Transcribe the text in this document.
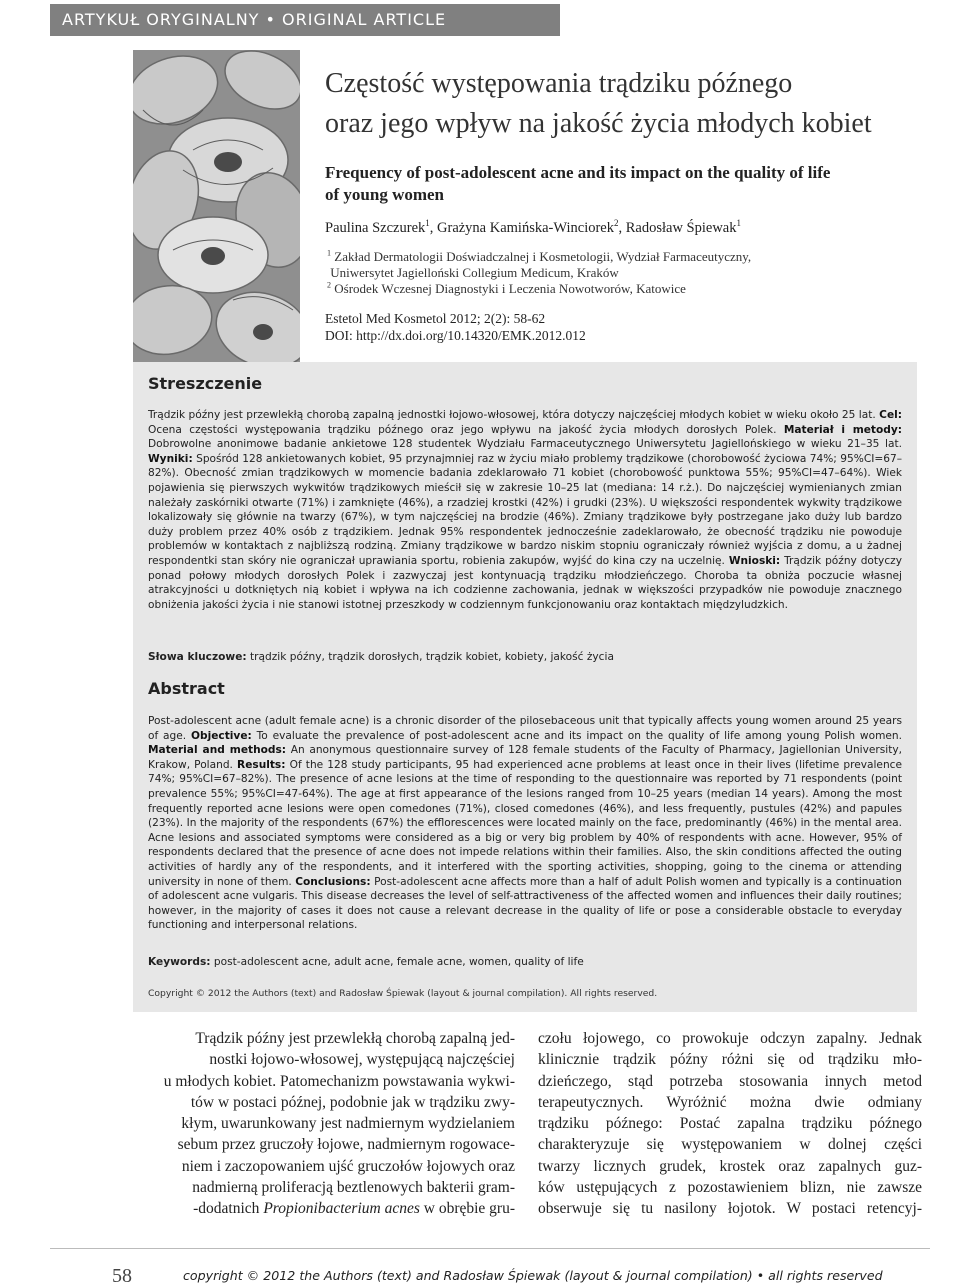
ARTYKUŁ ORYGINALNY • ORIGINAL ARTICLE
Częstość występowania trądziku późnego
oraz jego wpływ na jakość życia młodych kobiet
Frequency of post-adolescent acne and its impact on the quality of life of young women
Paulina Szczurek$^1$, Grażyna Kamińska-Winciorek$^2$, Radosław Śpiewak$^1$
$^1$ Zakład Dermatologii Doświadczalnej i Kosmetologii, Wydział Farmaceutyczny,
Uniwersytet Jagielloński Collegium Medicum, Kraków
$^2$ Ośrodek Wczesnej Diagnostyki i Leczenia Nowotworów, Katowice
Estetol Med Kosmetol 2012; 2(2): 58-62
DOI: http://dx.doi.org/10.14320/EMK.2012.012
Streszczenie
Trądzik późny jest przewlekłą chorobą zapalną jednostki łojowo-włosowej, która dotyczy najczęściej młodych kobiet w wieku około 25 lat. Cel: Ocena częstości występowania trądziku późnego oraz jego wpływu na jakość życia młodych dorosłych Polek. Materiał i metody: Dobrowolne anonimowe badanie ankietowe 128 studentek Wydziału Farmaceutycznego Uniwersytetu Jagiellońskiego w wieku 21–35 lat. Wyniki: Spośród 128 ankietowanych kobiet, 95 przynajmniej raz w życiu miało problemy trądzikowe (chorobowość życiowa 74%; 95%CI=67–82%). Obecność zmian trądzikowych w momencie badania zdeklarowało 71 kobiet (chorobowość punktowa 55%; 95%CI=47–64%). Wiek pojawienia się pierwszych wykwitów trądzikowych mieścił się w zakresie 10–25 lat (mediana: 14 r.ż.). Do najczęściej wymienianych zmian należały zaskórniki otwarte (71%) i zamknięte (46%), a rzadziej krostki (42%) i grudki (23%). U większości respondentek wykwity trądzikowe lokalizowały się głównie na twarzy (67%), w tym najczęściej na brodzie (46%). Zmiany trądzikowe były postrzegane jako duży lub bardzo duży problem przez 40% osób z trądzikiem. Jednak 95% respondentek jednocześnie zadeklarowało, że obecność trądziku nie powoduje problemów w kontaktach z najbliższą rodziną. Zmiany trądzikowe w bardzo niskim stopniu ograniczały również wyjścia z domu, a u żadnej respondentki stan skóry nie ograniczał uprawiania sportu, robienia zakupów, wyjść do kina czy na uczelnię. Wnioski: Trądzik późny dotyczy ponad połowy młodych dorosłych Polek i zazwyczaj jest kontynuacją trądziku młodzieńczego. Choroba ta obniża poczucie własnej atrakcyjności u dotkniętych nią kobiet i wpływa na ich codzienne zachowania, jednak w większości przypadków nie powoduje znacznego obniżenia jakości życia i nie stanowi istotnej przeszkody w codziennym funkcjonowaniu oraz kontaktach międzyludzkich.
Słowa kluczowe: trądzik późny, trądzik dorosłych, trądzik kobiet, kobiety, jakość życia
Abstract
Post-adolescent acne (adult female acne) is a chronic disorder of the pilosebaceous unit that typically affects young women around 25 years of age. Objective: To evaluate the prevalence of post-adolescent acne and its impact on the quality of life among young Polish women. Material and methods: An anonymous questionnaire survey of 128 female students of the Faculty of Pharmacy, Jagiellonian University, Krakow, Poland. Results: Of the 128 study participants, 95 had experienced acne problems at least once in their lives (lifetime prevalence 74%; 95%CI=67–82%). The presence of acne lesions at the time of responding to the questionnaire was reported by 71 respondents (point prevalence 55%; 95%CI=47-64%). The age at first appearance of the lesions ranged from 10–25 years (median 14 years). Among the most frequently reported acne lesions were open comedones (71%), closed comedones (46%), and less frequently, pustules (42%) and papules (23%). In the majority of the respondents (67%) the efflorescences were located mainly on the face, predominantly (46%) in the mental area. Acne lesions and associated symptoms were considered as a big or very big problem by 40% of respondents with acne. However, 95% of respondents declared that the presence of acne does not impede relations within their families. Also, the skin conditions affected the outing activities of hardly any of the respondents, and it interfered with the sporting activities, shopping, going to the cinema or attending university in none of them. Conclusions: Post-adolescent acne affects more than a half of adult Polish women and typically is a continuation of adolescent acne vulgaris. This disease decreases the level of self-attractiveness of the affected women and influences their daily routines; however, in the majority of cases it does not cause a relevant decrease in the quality of life or pose a considerable obstacle to everyday functioning and interpersonal relations.
Keywords: post-adolescent acne, adult acne, female acne, women, quality of life
Copyright © 2012 the Authors (text) and Radosław Śpiewak (layout & journal compilation). All rights reserved.
Trądzik późny jest przewlekłą chorobą zapalną jed-
nostki łojowo-włosowej, występującą najczęściej
u młodych kobiet. Patomechanizm powstawania wykwi-
tów w postaci późnej, podobnie jak w trądziku zwy-
kłym, uwarunkowany jest nadmiernym wydzielaniem
sebum przez gruczoły łojowe, nadmiernym rogowace-
niem i zaczopowaniem ujść gruczołów łojowych oraz
nadmierną proliferacją beztlenowych bakterii gram-
-dodatnich Propionibacterium acnes w obrębie gru-
czołu łojowego, co prowokuje odczyn zapalny. Jednak
klinicznie trądzik późny różni się od trądziku mło-
dzieńczego, stąd potrzeba stosowania innych metod
terapeutycznych. Wyróżnić można dwie odmiany
trądziku późnego: Postać zapalna trądziku późnego
charakteryzuje się występowaniem w dolnej części
twarzy licznych grudek, krostek oraz zapalnych guz-
ków ustępujących z pozostawieniem blizn, nie zawsze
obserwuje się tu nasilony łojotok. W postaci retencyj-
58	copyright © 2012 the Authors (text) and Radosław Śpiewak (layout & journal compilation) • all rights reserved
